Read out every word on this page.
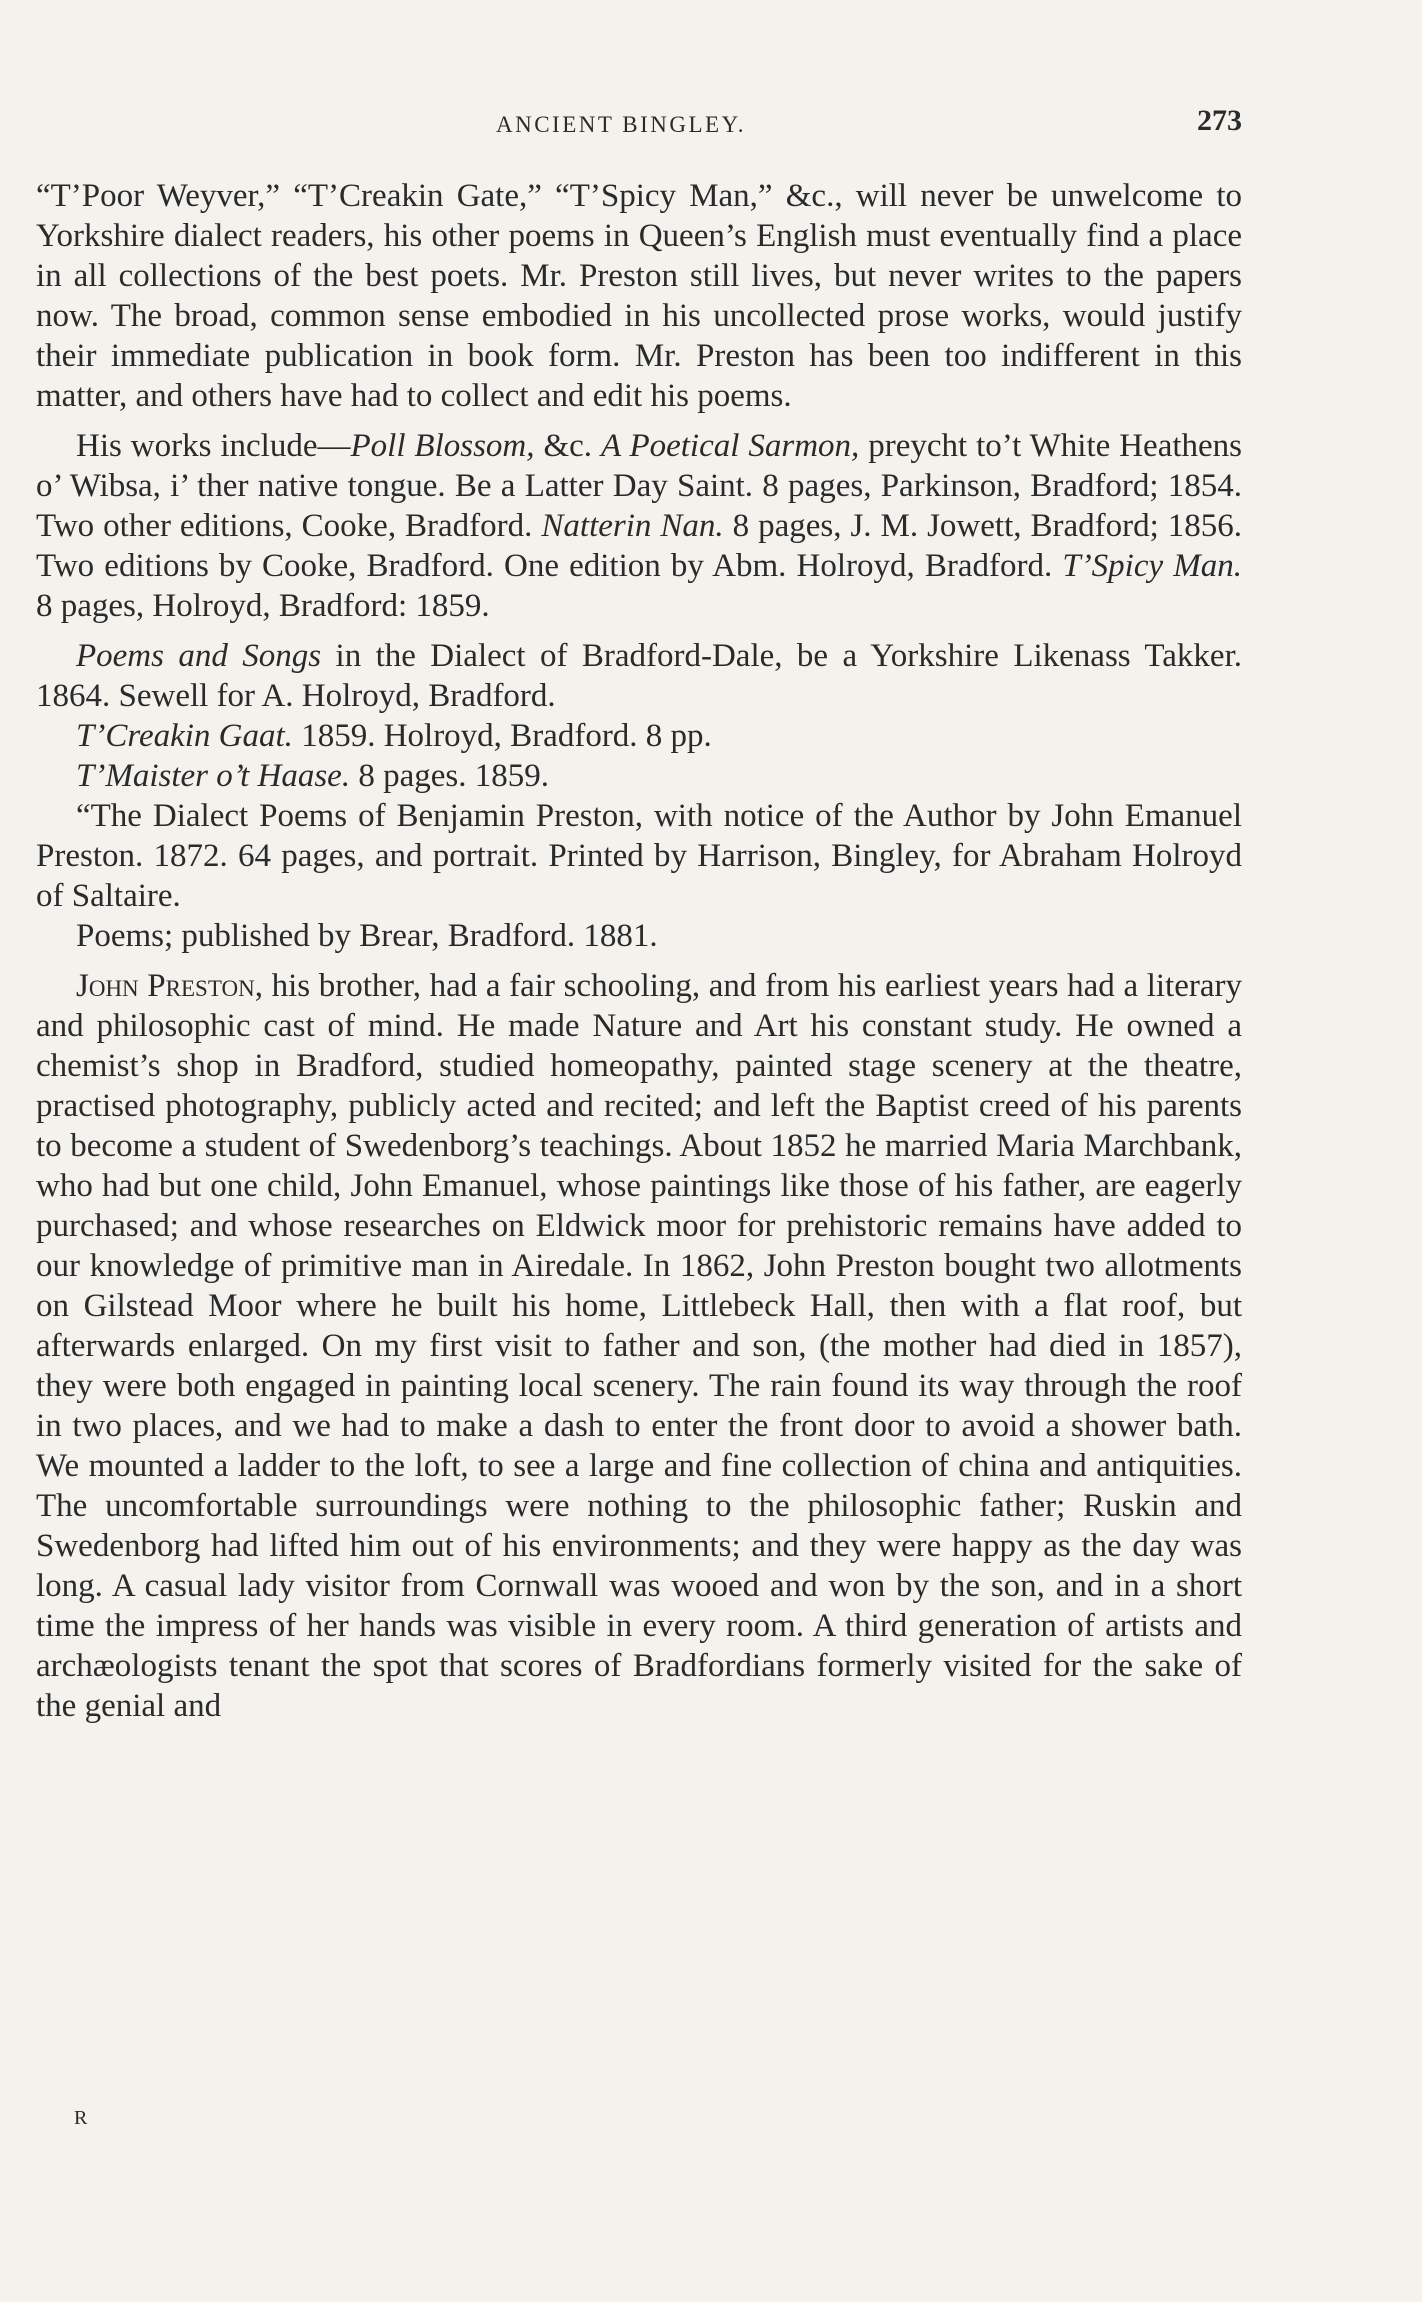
ANCIENT BINGLEY.	273

“T’Poor Weyver,” “T’Creakin Gate,” “T’Spicy Man,” &c., will never be unwelcome to Yorkshire dialect readers, his other poems in Queen’s English must eventually find a place in all collections of the best poets. Mr. Preston still lives, but never writes to the papers now. The broad, common sense embodied in his uncollected prose works, would justify their immediate publication in book form. Mr. Preston has been too indifferent in this matter, and others have had to collect and edit his poems.

His works include—Poll Blossom, &c. A Poetical Sarmon, preycht to’t White Heathens o’ Wibsa, i’ ther native tongue. Be a Latter Day Saint. 8 pages, Parkinson, Bradford; 1854. Two other editions, Cooke, Bradford. Natterin Nan. 8 pages, J. M. Jowett, Bradford; 1856. Two editions by Cooke, Bradford. One edition by Abm. Holroyd, Bradford. T’Spicy Man. 8 pages, Holroyd, Bradford: 1859.

Poems and Songs in the Dialect of Bradford-Dale, be a Yorkshire Likenass Takker. 1864. Sewell for A. Holroyd, Bradford.

T’Creakin Gaat. 1859. Holroyd, Bradford. 8 pp.

T’Maister o’t Haase. 8 pages. 1859.

“The Dialect Poems of Benjamin Preston, with notice of the Author by John Emanuel Preston. 1872. 64 pages, and portrait. Printed by Harrison, Bingley, for Abraham Holroyd of Saltaire.

Poems; published by Brear, Bradford. 1881.

John Preston, his brother, had a fair schooling, and from his earliest years had a literary and philosophic cast of mind. He made Nature and Art his constant study. He owned a chemist’s shop in Bradford, studied homeopathy, painted stage scenery at the theatre, practised photography, publicly acted and recited; and left the Baptist creed of his parents to become a student of Swedenborg’s teachings. About 1852 he married Maria Marchbank, who had but one child, John Emanuel, whose paintings like those of his father, are eagerly purchased; and whose researches on Eldwick moor for prehistoric remains have added to our knowledge of primitive man in Airedale. In 1862, John Preston bought two allotments on Gilstead Moor where he built his home, Littlebeck Hall, then with a flat roof, but afterwards enlarged. On my first visit to father and son, (the mother had died in 1857), they were both engaged in painting local scenery. The rain found its way through the roof in two places, and we had to make a dash to enter the front door to avoid a shower bath. We mounted a ladder to the loft, to see a large and fine collection of china and antiquities. The uncomfortable surroundings were nothing to the philosophic father; Ruskin and Swedenborg had lifted him out of his environments; and they were happy as the day was long. A casual lady visitor from Cornwall was wooed and won by the son, and in a short time the impress of her hands was visible in every room. A third generation of artists and archæologists tenant the spot that scores of Bradfordians formerly visited for the sake of the genial and

R
